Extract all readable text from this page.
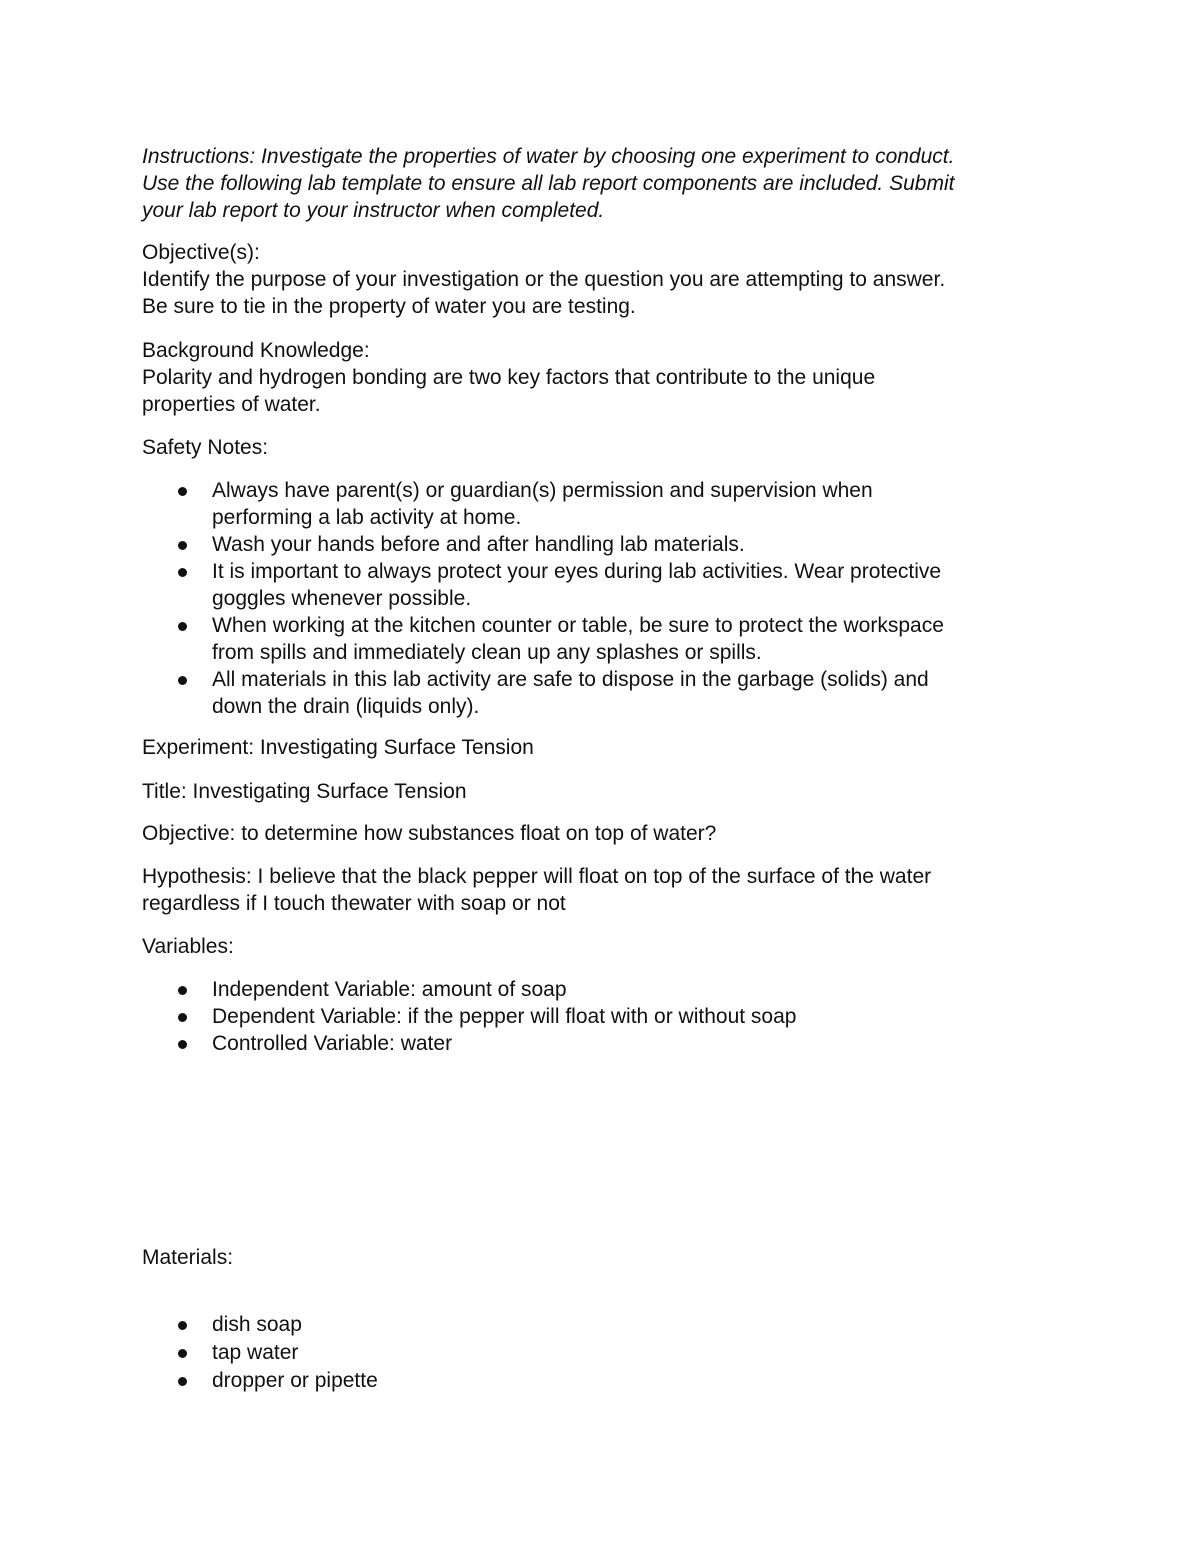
Instructions: Investigate the properties of water by choosing one experiment to conduct.
Use the following lab template to ensure all lab report components are included. Submit
your lab report to your instructor when completed.
Objective(s):
Identify the purpose of your investigation or the question you are attempting to answer.
Be sure to tie in the property of water you are testing.
Background Knowledge:
Polarity and hydrogen bonding are two key factors that contribute to the unique
properties of water.
Safety Notes:
Always have parent(s) or guardian(s) permission and supervision when
performing a lab activity at home.
Wash your hands before and after handling lab materials.
It is important to always protect your eyes during lab activities. Wear protective
goggles whenever possible.
When working at the kitchen counter or table, be sure to protect the workspace
from spills and immediately clean up any splashes or spills.
All materials in this lab activity are safe to dispose in the garbage (solids) and
down the drain (liquids only).
Experiment: Investigating Surface Tension
Title: Investigating Surface Tension
Objective: to determine how substances float on top of water?
Hypothesis: I believe that the black pepper will float on top of the surface of the water
regardless if I touch thewater with soap or not
Variables:
Independent Variable: amount of soap
Dependent Variable: if the pepper will float with or without soap
Controlled Variable: water
Materials:
dish soap
tap water
dropper or pipette
